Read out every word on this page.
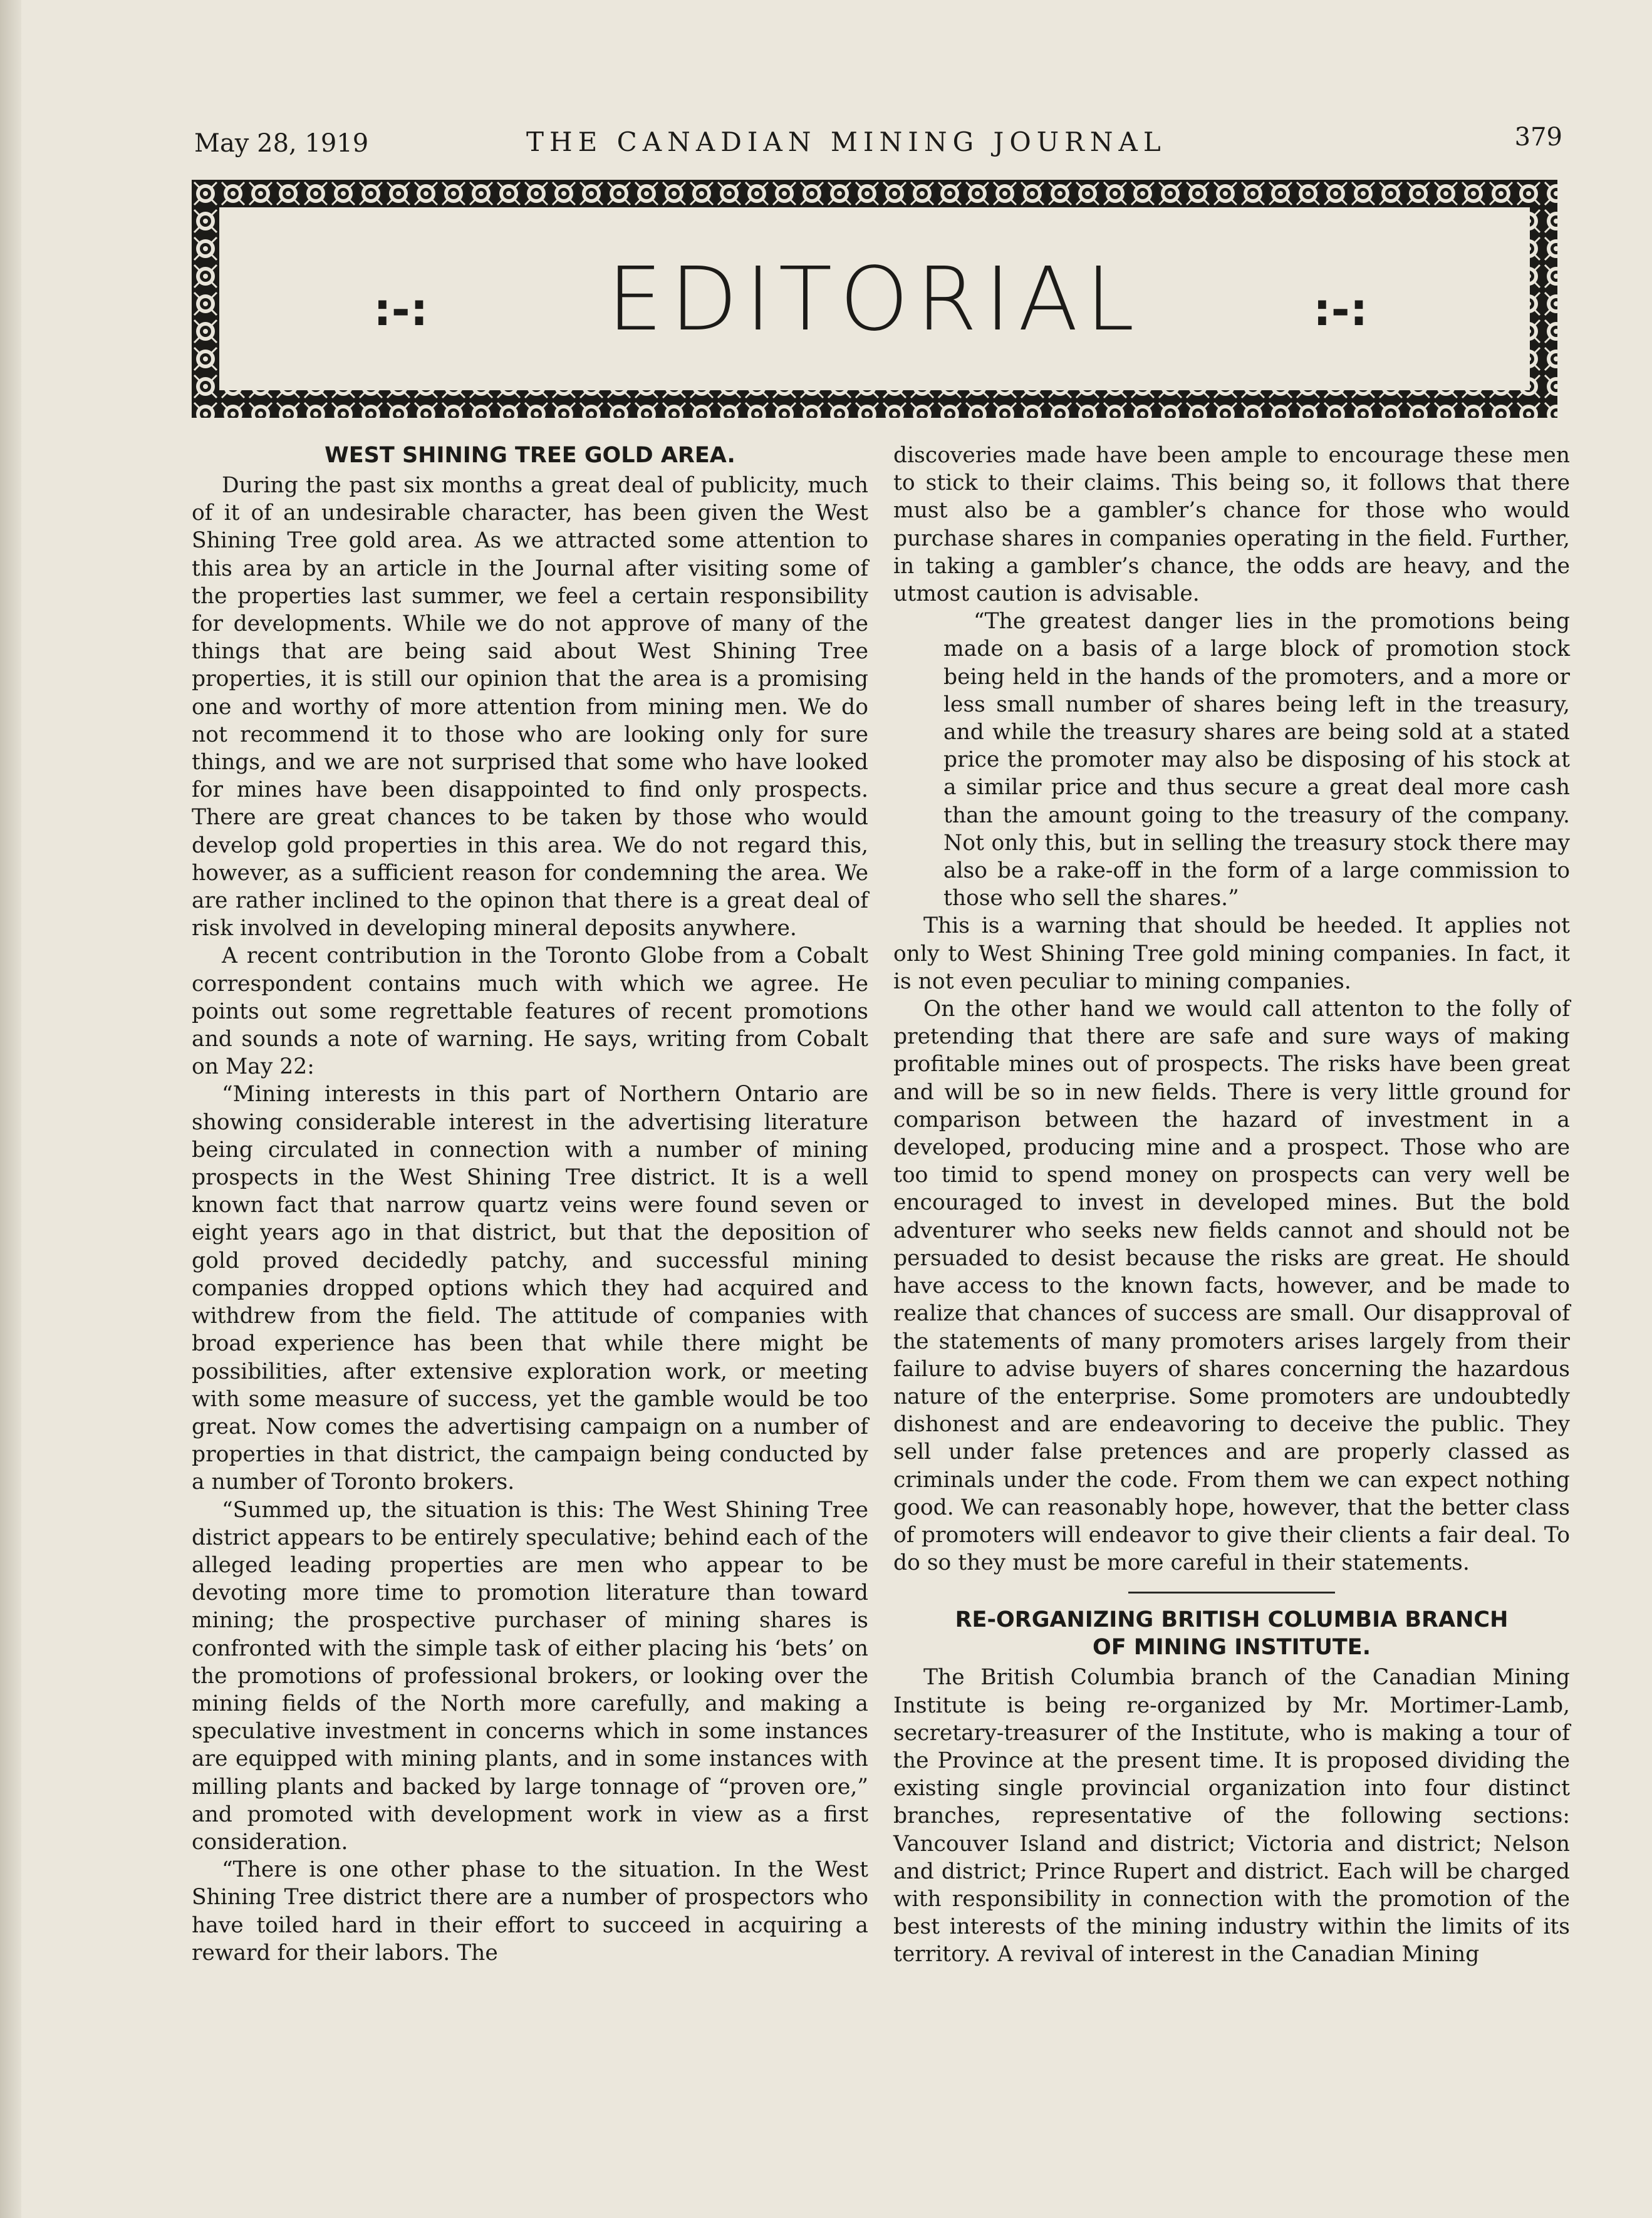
May 28, 1919	THE CANADIAN MINING JOURNAL	379
:-:	EDITORIAL	:-:
WEST SHINING TREE GOLD AREA.

During the past six months a great deal of publicity, much of it of an undesirable character, has been given the West Shining Tree gold area. As we attracted some attention to this area by an article in the Journal after visiting some of the properties last summer, we feel a certain responsibility for developments. While we do not approve of many of the things that are being said about West Shining Tree properties, it is still our opinion that the area is a promising one and worthy of more attention from mining men. We do not recommend it to those who are looking only for sure things, and we are not surprised that some who have looked for mines have been disappointed to find only prospects. There are great chances to be taken by those who would develop gold properties in this area. We do not regard this, however, as a sufficient reason for condemning the area. We are rather inclined to the opinon that there is a great deal of risk involved in developing mineral deposits anywhere.

A recent contribution in the Toronto Globe from a Cobalt correspondent contains much with which we agree. He points out some regrettable features of recent promotions and sounds a note of warning. He says, writing from Cobalt on May 22:

“Mining interests in this part of Northern Ontario are showing considerable interest in the advertising literature being circulated in connection with a number of mining prospects in the West Shining Tree district. It is a well known fact that narrow quartz veins were found seven or eight years ago in that district, but that the deposition of gold proved decidedly patchy, and successful mining companies dropped options which they had acquired and withdrew from the field. The attitude of companies with broad experience has been that while there might be possibilities, after extensive exploration work, or meeting with some measure of success, yet the gamble would be too great. Now comes the advertising campaign on a number of properties in that district, the campaign being conducted by a number of Toronto brokers.

“Summed up, the situation is this: The West Shining Tree district appears to be entirely speculative; behind each of the alleged leading properties are men who appear to be devoting more time to promotion literature than toward mining; the prospective purchaser of mining shares is confronted with the simple task of either placing his ‘bets’ on the promotions of professional brokers, or looking over the mining fields of the North more carefully, and making a speculative investment in concerns which in some instances are equipped with mining plants, and in some instances with milling plants and backed by large tonnage of “proven ore,” and promoted with development work in view as a first consideration.

“There is one other phase to the situation. In the West Shining Tree district there are a number of prospectors who have toiled hard in their effort to succeed in acquiring a reward for their labors. The

discoveries made have been ample to encourage these men to stick to their claims. This being so, it follows that there must also be a gambler’s chance for those who would purchase shares in companies operating in the field. Further, in taking a gambler’s chance, the odds are heavy, and the utmost caution is advisable.

“The greatest danger lies in the promotions being made on a basis of a large block of promotion stock being held in the hands of the promoters, and a more or less small number of shares being left in the treasury, and while the treasury shares are being sold at a stated price the promoter may also be disposing of his stock at a similar price and thus secure a great deal more cash than the amount going to the treasury of the company. Not only this, but in selling the treasury stock there may also be a rake-off in the form of a large commission to those who sell the shares.”

This is a warning that should be heeded. It applies not only to West Shining Tree gold mining companies. In fact, it is not even peculiar to mining companies.

On the other hand we would call attenton to the folly of pretending that there are safe and sure ways of making profitable mines out of prospects. The risks have been great and will be so in new fields. There is very little ground for comparison between the hazard of investment in a developed, producing mine and a prospect. Those who are too timid to spend money on prospects can very well be encouraged to invest in developed mines. But the bold adventurer who seeks new fields cannot and should not be persuaded to desist because the risks are great. He should have access to the known facts, however, and be made to realize that chances of success are small. Our disapproval of the statements of many promoters arises largely from their failure to advise buyers of shares concerning the hazardous nature of the enterprise. Some promoters are undoubtedly dishonest and are endeavoring to deceive the public. They sell under false pretences and are properly classed as criminals under the code. From them we can expect nothing good. We can reasonably hope, however, that the better class of promoters will endeavor to give their clients a fair deal. To do so they must be more careful in their statements.

RE-ORGANIZING BRITISH COLUMBIA BRANCH
OF MINING INSTITUTE.

The British Columbia branch of the Canadian Mining Institute is being re-organized by Mr. Mortimer-Lamb, secretary-treasurer of the Institute, who is making a tour of the Province at the present time. It is proposed dividing the existing single provincial organization into four distinct branches, representative of the following sections: Vancouver Island and district; Victoria and district; Nelson and district; Prince Rupert and district. Each will be charged with responsibility in connection with the promotion of the best interests of the mining industry within the limits of its territory. A revival of interest in the Canadian Mining
